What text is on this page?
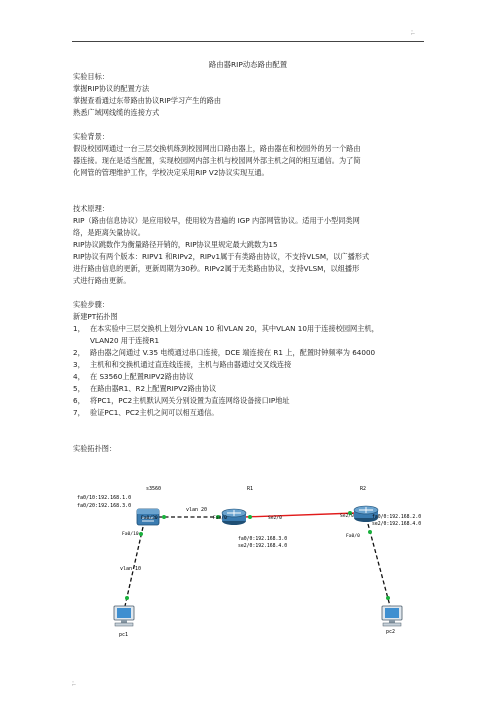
;.
路由器RIP动态路由配置

实验目标：

掌握RIP协议的配置方法

掌握查看通过东带路由协议RIP学习产生的路由

熟悉广域网线缆的连接方式

实验背景：

假设校园网通过一台三层交换机练到校园网出口路由器上，路由器在和校园外的另一个路由

器连接。现在是适当配置，实现校园网内部主机与校园网外部主机之间的相互通信。为了简

化网管的管理维护工作，学校决定采用RIP V2协议实现互通。

技术原理：

RIP（路由信息协议）是应用较早，使用较为普遍的 IGP 内部网管协议。适用于小型同类网

络，是距离矢量协议。

RIP协议跳数作为衡量路径开销的，RIP协议里规定最大跳数为15

RIP协议有两个版本：RIPV1 和RIPv2，RIPv1属于有类路由协议，不支持VLSM，以广播形式

进行路由信息的更新，更新周期为30秒。RIPv2属于无类路由协议，支持VLSM，以组播形

式进行路由更新。

实验步骤：

新建PT拓扑图

1， 在本实验中三层交换机上划分VLAN 10 和VLAN 20，其中VLAN 10用于连接校园网主机，
VLAN20 用于连接R1
2， 路由器之间通过 V.35 电缆通过串口连接，DCE 端连接在 R1 上，配置时钟频率为 64000
3， 主机和和交换机通过直连线连接，主机与路由器通过交叉线连接
4， 在 S3560上配置RIPV2路由协议
5， 在路由器R1、R2上配置RIPV2路由协议
6， 将PC1，PC2主机默认网关分别设置为直连网络设备接口IP地址
7， 验证PC1、PC2主机之间可以相互通信。
实验拓扑图：
s3560
fa0/10:192.168.1.0
fa0/20:192.168.3.0
Fa0/20
Fa0/10
vlan 20
vlan 10
R1
Fa0/0	Se2/0
fa0/0:192.168.3.0
se2/0:192.168.4.0
R2
Se2/0	fa0/0:192.168.2.0
se2/0:192.168.4.0
Fa0/0
pc1	pc2
;.
